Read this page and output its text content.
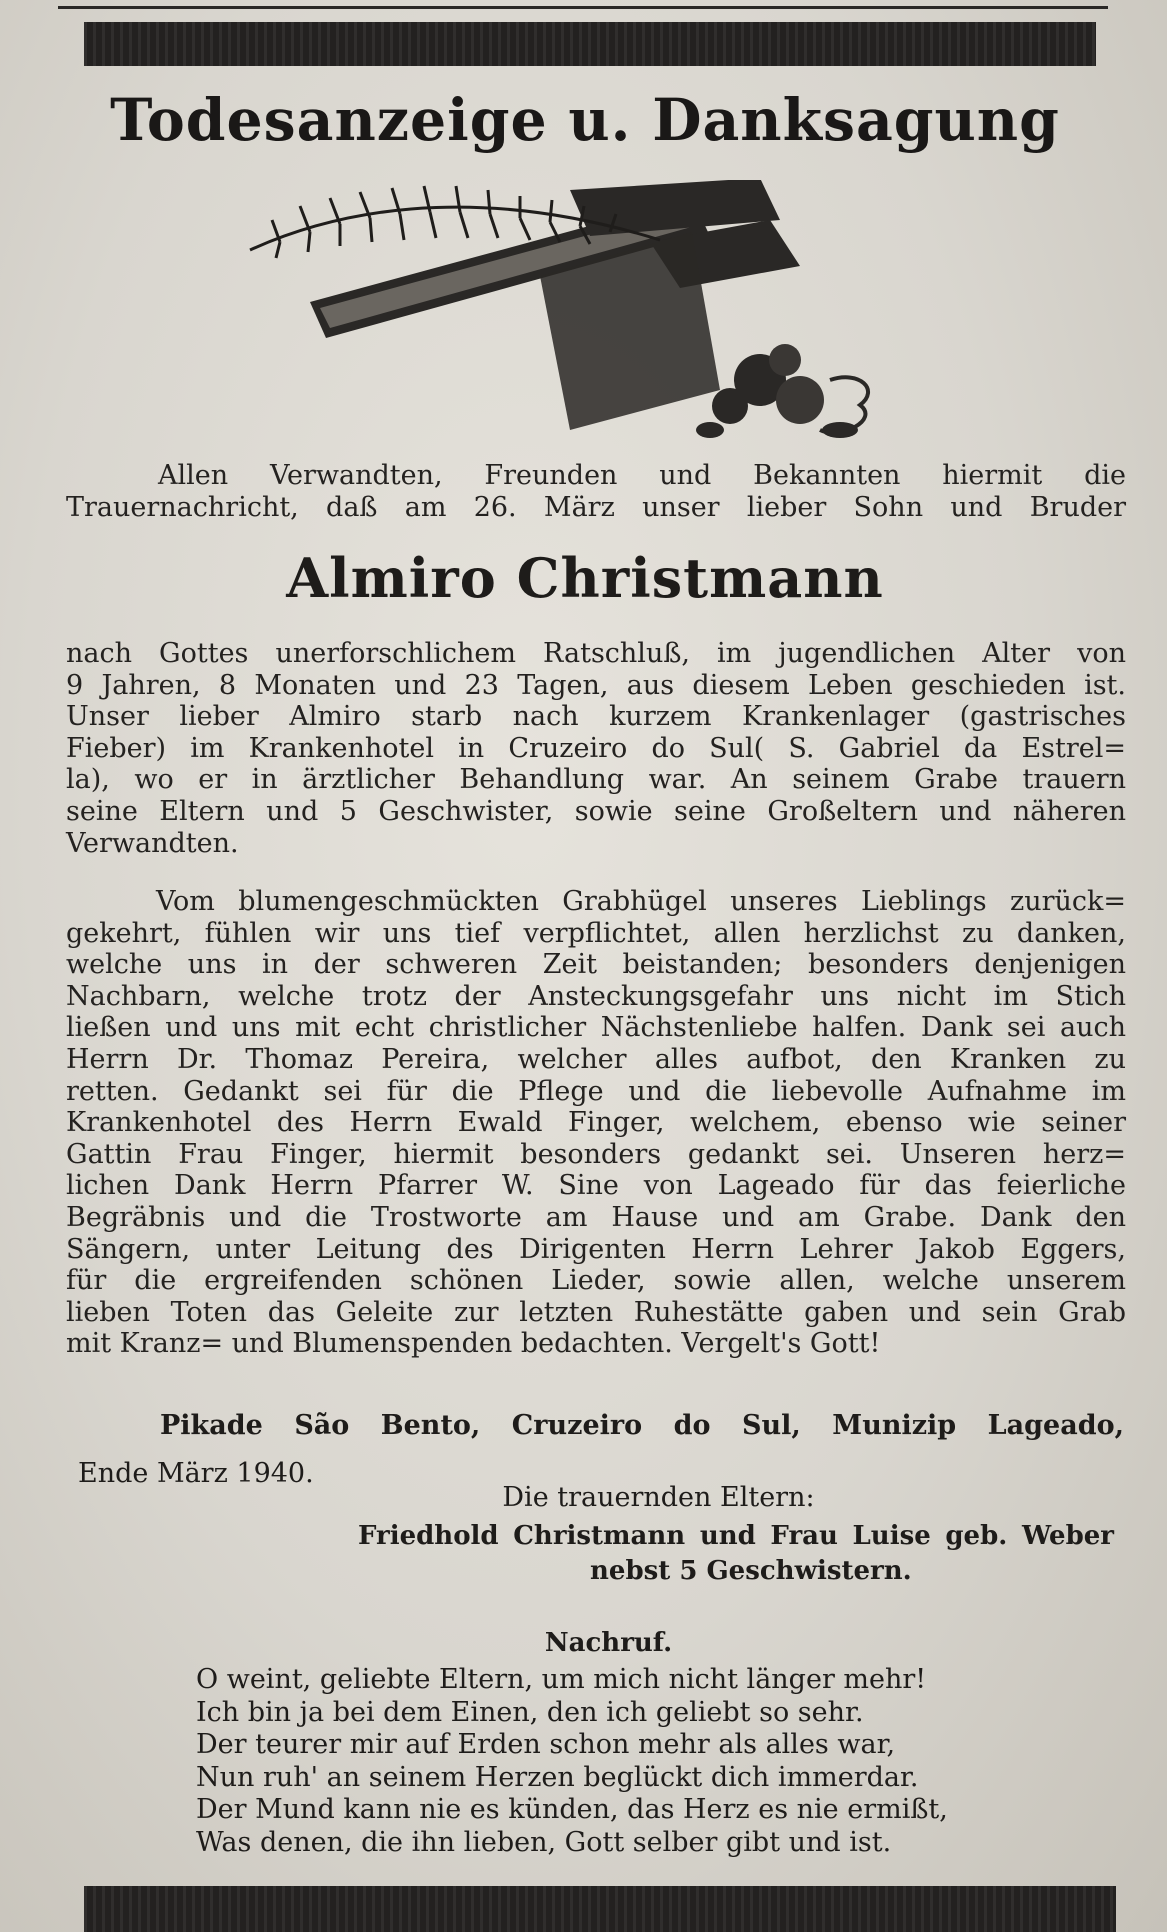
Todesanzeige u. Danksagung
Allen Verwandten, Freunden und Bekannten hiermit die
Trauernachricht, daß am 26. März unser lieber Sohn und Bruder
Almiro Christmann
nach Gottes unerforschlichem Ratschluß, im jugendlichen Alter von
9 Jahren, 8 Monaten und 23 Tagen, aus diesem Leben geschieden ist.
Unser lieber Almiro starb nach kurzem Krankenlager (gastrisches
Fieber) im Krankenhotel in Cruzeiro do Sul( S. Gabriel da Estrel=
la), wo er in ärztlicher Behandlung war. An seinem Grabe trauern
seine Eltern und 5 Geschwister, sowie seine Großeltern und näheren
Verwandten.
Vom blumengeschmückten Grabhügel unseres Lieblings zurück=
gekehrt, fühlen wir uns tief verpflichtet, allen herzlichst zu danken,
welche uns in der schweren Zeit beistanden; besonders denjenigen
Nachbarn, welche trotz der Ansteckungsgefahr uns nicht im Stich
ließen und uns mit echt christlicher Nächstenliebe halfen. Dank sei auch
Herrn Dr. Thomaz Pereira, welcher alles aufbot, den Kranken zu
retten. Gedankt sei für die Pflege und die liebevolle Aufnahme im
Krankenhotel des Herrn Ewald Finger, welchem, ebenso wie seiner
Gattin Frau Finger, hiermit besonders gedankt sei. Unseren herz=
lichen Dank Herrn Pfarrer W. Sine von Lageado für das feierliche
Begräbnis und die Trostworte am Hause und am Grabe. Dank den
Sängern, unter Leitung des Dirigenten Herrn Lehrer Jakob Eggers,
für die ergreifenden schönen Lieder, sowie allen, welche unserem
lieben Toten das Geleite zur letzten Ruhestätte gaben und sein Grab
mit Kranz= und Blumenspenden bedachten. Vergelt's Gott!
Pikade São Bento, Cruzeiro do Sul, Munizip Lageado,
Ende März 1940.
Die trauernden Eltern:
Friedhold Christmann und Frau Luise geb. Weber
nebst 5 Geschwistern.
Nachruf.
O weint, geliebte Eltern, um mich nicht länger mehr!
Ich bin ja bei dem Einen, den ich geliebt so sehr.
Der teurer mir auf Erden schon mehr als alles war,
Nun ruh' an seinem Herzen beglückt dich immerdar.
Der Mund kann nie es künden, das Herz es nie ermißt,
Was denen, die ihn lieben, Gott selber gibt und ist.
